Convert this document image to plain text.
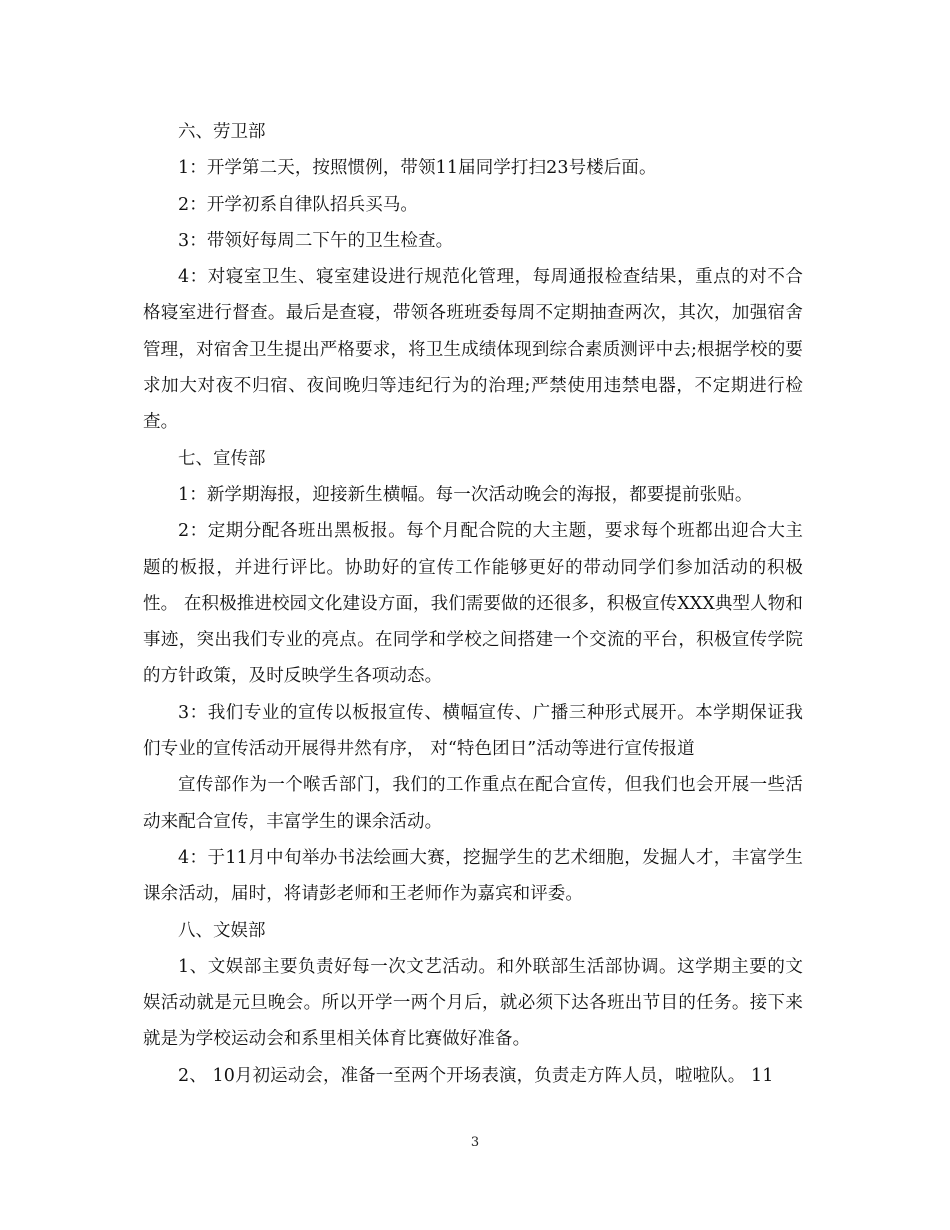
六、劳卫部

1：开学第二天，按照惯例，带领11届同学打扫23号楼后面。

2：开学初系自律队招兵买马。

3：带领好每周二下午的卫生检查。

4：对寝室卫生、寝室建设进行规范化管理，每周通报检查结果，重点的对不合格寝室进行督查。最后是查寝，带领各班班委每周不定期抽查两次，其次，加强宿舍管理，对宿舍卫生提出严格要求，将卫生成绩体现到综合素质测评中去;根据学校的要求加大对夜不归宿、夜间晚归等违纪行为的治理;严禁使用违禁电器，不定期进行检查。

七、宣传部

1：新学期海报，迎接新生横幅。每一次活动晚会的海报，都要提前张贴。

2：定期分配各班出黑板报。每个月配合院的大主题，要求每个班都出迎合大主题的板报，并进行评比。协助好的宣传工作能够更好的带动同学们参加活动的积极性。 在积极推进校园文化建设方面，我们需要做的还很多，积极宣传XXX典型人物和事迹，突出我们专业的亮点。在同学和学校之间搭建一个交流的平台，积极宣传学院的方针政策，及时反映学生各项动态。

3：我们专业的宣传以板报宣传、横幅宣传、广播三种形式展开。本学期保证我们专业的宣传活动开展得井然有序， 对“特色团日”活动等进行宣传报道

宣传部作为一个喉舌部门，我们的工作重点在配合宣传，但我们也会开展一些活动来配合宣传，丰富学生的课余活动。

4：于11月中旬举办书法绘画大赛，挖掘学生的艺术细胞，发掘人才，丰富学生课余活动，届时，将请彭老师和王老师作为嘉宾和评委。

八、文娱部

1、文娱部主要负责好每一次文艺活动。和外联部生活部协调。这学期主要的文娱活动就是元旦晚会。所以开学一两个月后，就必须下达各班出节目的任务。接下来就是为学校运动会和系里相关体育比赛做好准备。

2、 10月初运动会，准备一至两个开场表演，负责走方阵人员，啦啦队。 11

3
